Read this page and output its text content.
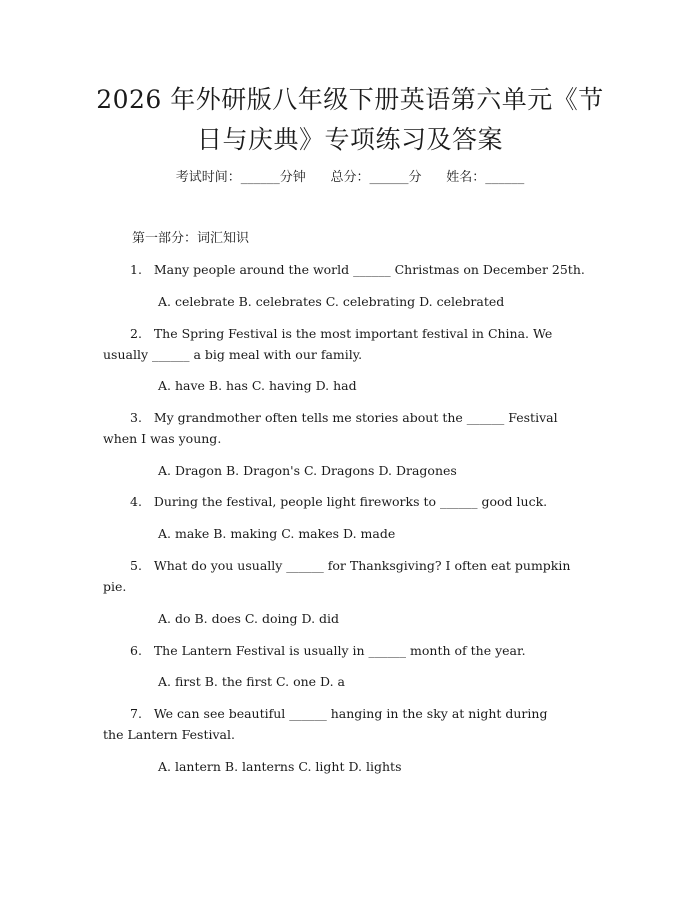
2026 年外研版八年级下册英语第六单元《节
日与庆典》专项练习及答案
考试时间：______分钟      总分：______分      姓名：______
第一部分：词汇知识
1.   Many people around the world ______ Christmas on December 25th.
A. celebrate B. celebrates C. celebrating D. celebrated
2.   The Spring Festival is the most important festival in China. We
usually ______ a big meal with our family.
A. have B. has C. having D. had
3.   My grandmother often tells me stories about the ______ Festival
when I was young.
A. Dragon B. Dragon's C. Dragons D. Dragones
4.   During the festival, people light fireworks to ______ good luck.
A. make B. making C. makes D. made
5.   What do you usually ______ for Thanksgiving? I often eat pumpkin
pie.
A. do B. does C. doing D. did
6.   The Lantern Festival is usually in ______ month of the year.
A. first B. the first C. one D. a
7.   We can see beautiful ______ hanging in the sky at night during
the Lantern Festival.
A. lantern B. lanterns C. light D. lights
